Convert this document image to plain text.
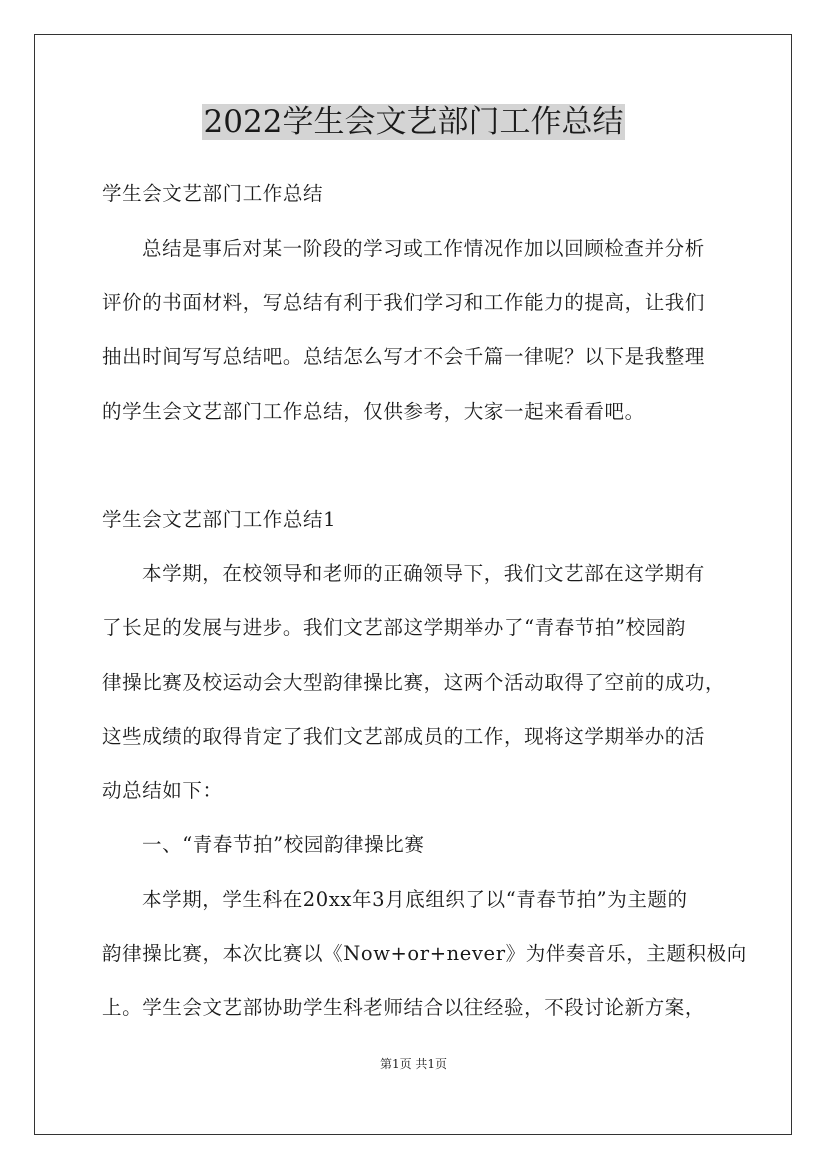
2022学生会文艺部门工作总结

学生会文艺部门工作总结

总结是事后对某一阶段的学习或工作情况作加以回顾检查并分析

评价的书面材料，写总结有利于我们学习和工作能力的提高，让我们

抽出时间写写总结吧。总结怎么写才不会千篇一律呢？以下是我整理

的学生会文艺部门工作总结，仅供参考，大家一起来看看吧。

学生会文艺部门工作总结1

本学期，在校领导和老师的正确领导下，我们文艺部在这学期有

了长足的发展与进步。我们文艺部这学期举办了“青春节拍”校园韵

律操比赛及校运动会大型韵律操比赛，这两个活动取得了空前的成功，

这些成绩的取得肯定了我们文艺部成员的工作，现将这学期举办的活

动总结如下：

一、“青春节拍”校园韵律操比赛

本学期，学生科在20xx年3月底组织了以“青春节拍”为主题的

韵律操比赛，本次比赛以《Now+or+never》为伴奏音乐，主题积极向

上。学生会文艺部协助学生科老师结合以往经验，不段讨论新方案，

第1页 共1页
